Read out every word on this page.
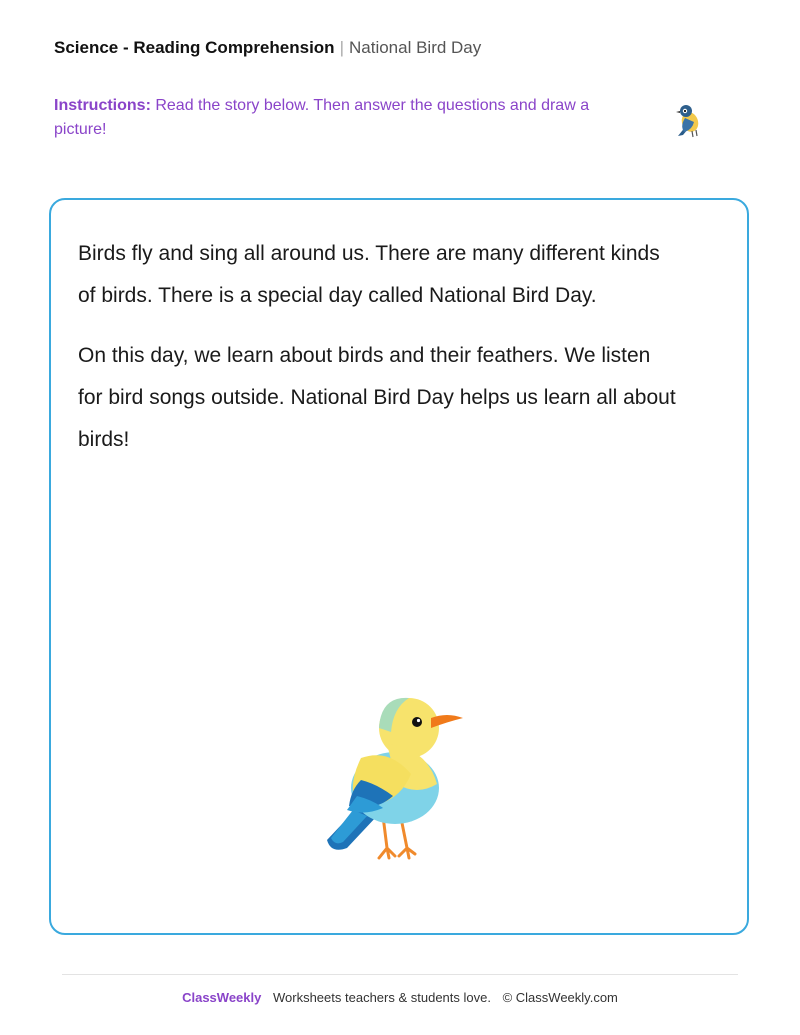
Science - Reading Comprehension | National Bird Day
Instructions: Read the story below. Then answer the questions and draw a picture!

Birds fly and sing all around us. There are many different kinds of birds. There is a special day called National Bird Day.

On this day, we learn about birds and their feathers. We listen for bird songs outside. National Bird Day helps us learn all about birds!

ClassWeekly Worksheets teachers & students love. © ClassWeekly.com
